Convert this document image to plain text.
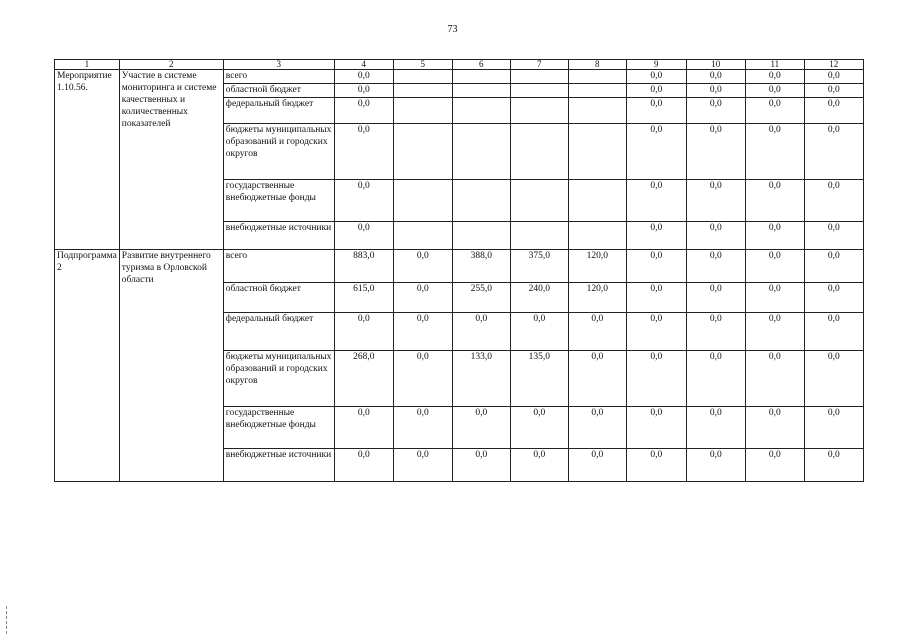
73
1	2	3	4	5	6	7	8	9	10	11	12
Мероприятие 1.10.56.	Участие в системе мониторинга и системе качественных и количественных показателей	всего	0,0					0,0	0,0	0,0	0,0
		областной бюджет	0,0					0,0	0,0	0,0	0,0
		федеральный бюджет	0,0					0,0	0,0	0,0	0,0
		бюджеты муниципальных образований и городских округов	0,0					0,0	0,0	0,0	0,0
		государственные внебюджетные фонды	0,0					0,0	0,0	0,0	0,0
		внебюджетные источники	0,0					0,0	0,0	0,0	0,0
Подпрограмма 2	Развитие внутреннего туризма в Орловской области	всего	883,0	0,0	388,0	375,0	120,0	0,0	0,0	0,0	0,0
		областной бюджет	615,0	0,0	255,0	240,0	120,0	0,0	0,0	0,0	0,0
		федеральный бюджет	0,0	0,0	0,0	0,0	0,0	0,0	0,0	0,0	0,0
		бюджеты муниципальных образований и городских округов	268,0	0,0	133,0	135,0	0,0	0,0	0,0	0,0	0,0
		государственные внебюджетные фонды	0,0	0,0	0,0	0,0	0,0	0,0	0,0	0,0	0,0
		внебюджетные источники	0,0	0,0	0,0	0,0	0,0	0,0	0,0	0,0	0,0
